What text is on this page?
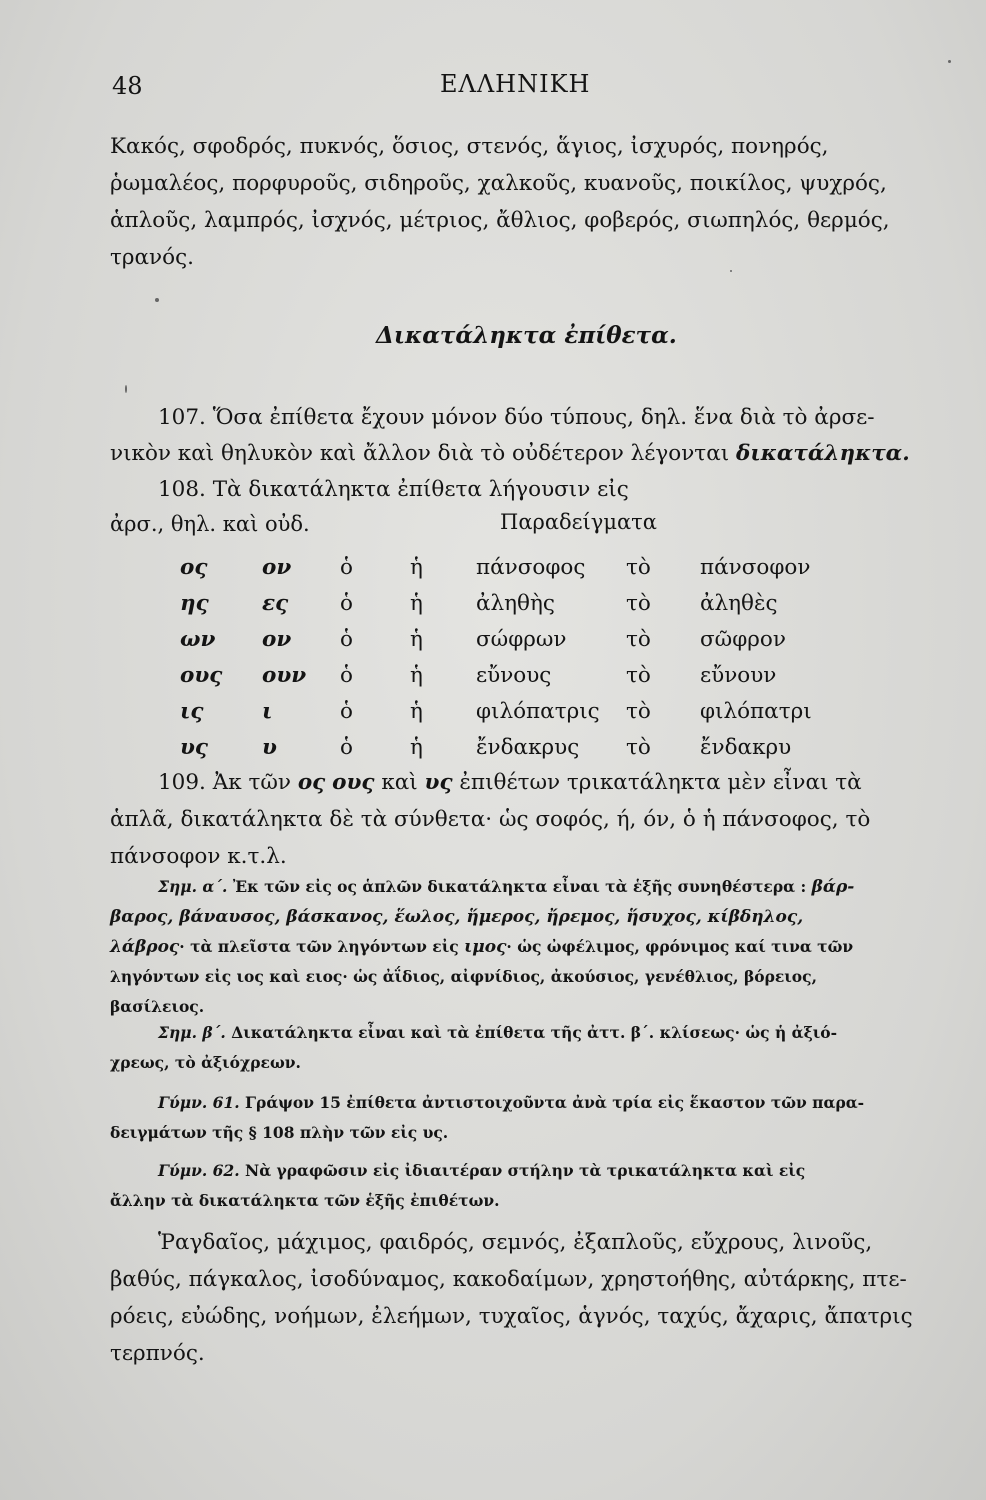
48	ΕΛΛΗΝΙΚΗ
Κακός, σφοδρός, πυκνός, ὅσιος, στενός, ἅγιος, ἰσχυρός, πονηρός,
ῥωμαλέος, πορφυροῦς, σιδηροῦς, χαλκοῦς, κυανοῦς, ποικίλος, ψυχρός,
ἁπλοῦς, λαμπρός, ἰσχνός, μέτριος, ἄθλιος, φοβερός, σιωπηλός, θερμός,
τρανός.
Δικατάληκτα ἐπίθετα.
107. Ὅσα ἐπίθετα ἔχουν μόνον δύο τύπους, δηλ. ἕνα διὰ τὸ ἀρσε-
νικὸν καὶ θηλυκὸν καὶ ἄλλον διὰ τὸ οὐδέτερον λέγονται δικατάληκτα.
108. Τὰ δικατάληκτα ἐπίθετα λήγουσιν εἰς
ἀρσ., θηλ. καὶ οὐδ.	Παραδείγματα
ος	ον ὁ	ἡ πάνσοφος τὸ πάνσοφον
ης ες ὁ	ἡ ἀληθὴς	τὸ ἀληθὲς
ων ον ὁ	ἡ σώφρων	τὸ σῶφρον
ους ουν ὁ	ἡ εὔνους	τὸ εὔνουν
ις	ι	ὁ	ἡ φιλόπατρις τὸ φιλόπατρι
υς	υ	ὁ	ἡ ἔνδακρυς τὸ ἔνδακρυ
109. Ἀκ τῶν ος ους καὶ υς ἐπιθέτων τρικατάληκτα μὲν εἶναι τὰ
ἁπλᾶ, δικατάληκτα δὲ τὰ σύνθετα· ὡς σοφός, ή, όν, ὁ ἡ πάνσοφος, τὸ
πάνσοφον κ.τ.λ.
Σημ. α΄. Ἐκ τῶν εἰς ος ἁπλῶν δικατάληκτα εἶναι τὰ ἑξῆς συνηθέστερα : βάρ-
βαρος, βάναυσος, βάσκανος, ἕωλος, ἥμερος, ἤρεμος, ἥσυχος, κίβδηλος,
λάβρος· τὰ πλεῖστα τῶν ληγόντων εἰς ιμος· ὡς ὠφέλιμος, φρόνιμος καί τινα τῶν
ληγόντων εἰς ιος καὶ ειος· ὡς ἀΐδιος, αἰφνίδιος, ἀκούσιος, γενέθλιος, βόρειος,
βασίλειος.
Σημ. β΄. Δικατάληκτα εἶναι καὶ τὰ ἐπίθετα τῆς ἀττ. β΄. κλίσεως· ὡς ἡ ἀξιό-
χρεως, τὸ ἀξιόχρεων.
Γύμν. 61. Γράψον 15 ἐπίθετα ἀντιστοιχοῦντα ἀνὰ τρία εἰς ἕκαστον τῶν παρα-
δειγμάτων τῆς § 108 πλὴν τῶν εἰς υς.
Γύμν. 62. Νὰ γραφῶσιν εἰς ἰδιαιτέραν στήλην τὰ τρικατάληκτα καὶ εἰς
ἄλλην τὰ δικατάληκτα τῶν ἑξῆς ἐπιθέτων.
Ῥαγδαῖος, μάχιμος, φαιδρός, σεμνός, ἐξαπλοῦς, εὔχρους, λινοῦς,
βαθύς, πάγκαλος, ἰσοδύναμος, κακοδαίμων, χρηστοήθης, αὐτάρκης, πτε-
ρόεις, εὐώδης, νοήμων, ἐλεήμων, τυχαῖος, ἁγνός, ταχύς, ἄχαρις, ἄπατρις
τερπνός.
